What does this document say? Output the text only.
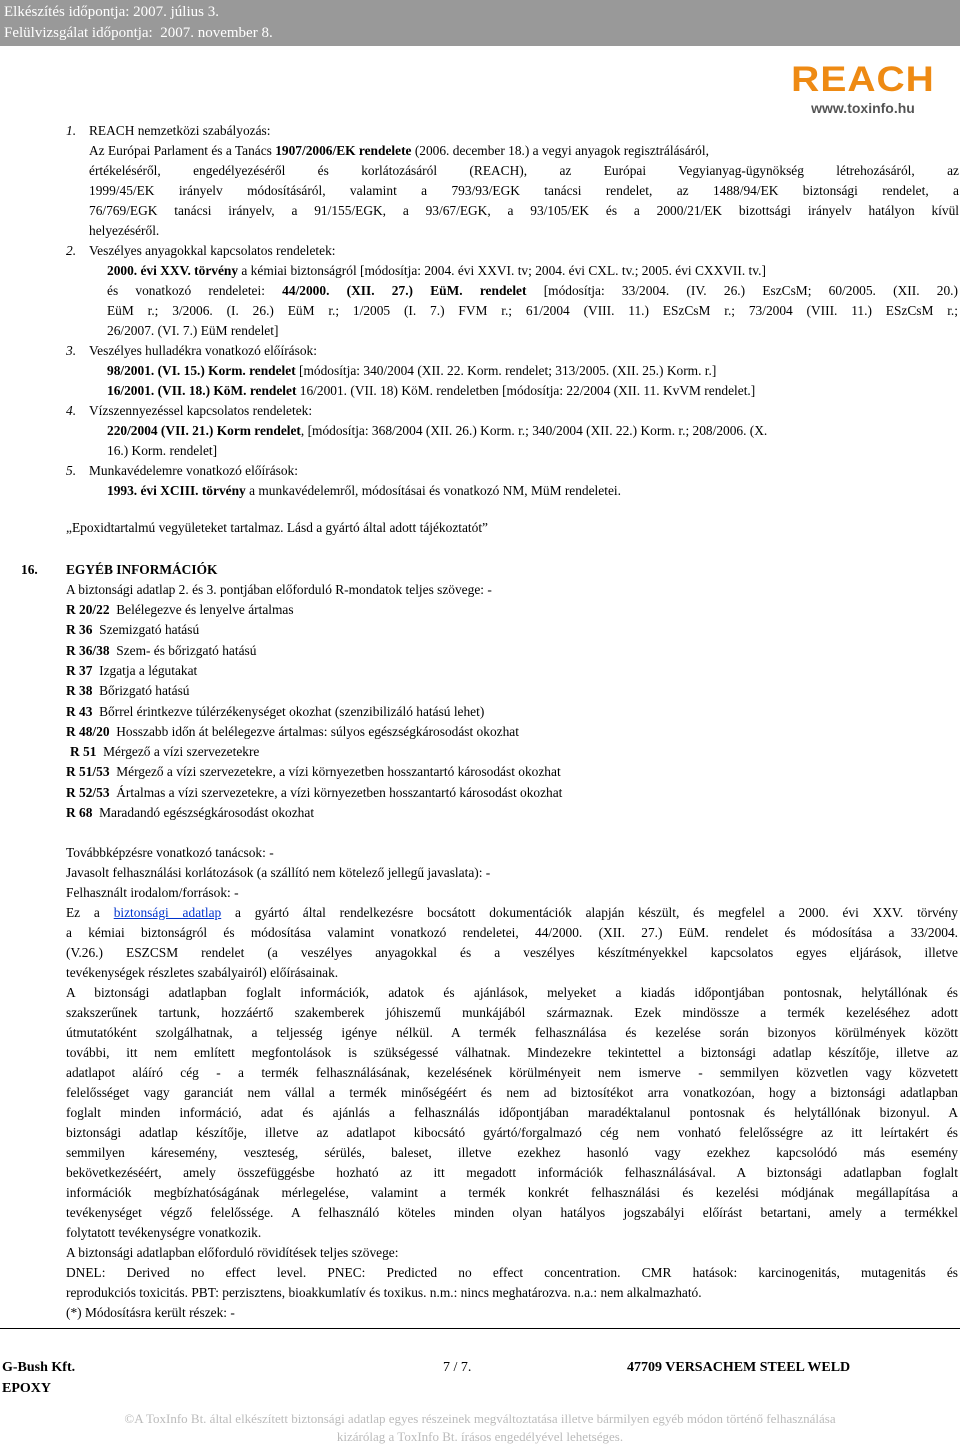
Elkészítés időpontja: 2007. július 3.
Felülvizsgálat időpontja:  2007. november 8.
REACH
www.toxinfo.hu
1. REACH nemzetközi szabályozás:
Az Európai Parlament és a Tanács 1907/2006/EK rendelete (2006. december 18.) a vegyi anyagok regisztrálásáról,
értékeléséről, engedélyezéséről és korlátozásáról (REACH), az Európai Vegyianyag-ügynökség létrehozásáról, az
1999/45/EK irányelv módosításáról, valamint a 793/93/EGK tanácsi rendelet, az 1488/94/EK biztonsági rendelet, a
76/769/EGK tanácsi irányelv, a 91/155/EGK, a 93/67/EGK, a 93/105/EK és a 2000/21/EK bizottsági irányelv hatályon kívül
helyezéséről.
2. Veszélyes anyagokkal kapcsolatos rendeletek:
2000. évi XXV. törvény a kémiai biztonságról [módosítja: 2004. évi XXVI. tv; 2004. évi CXL. tv.; 2005. évi CXXVII. tv.]
és vonatkozó rendeletei: 44/2000. (XII. 27.) EüM. rendelet [módosítja: 33/2004. (IV. 26.) EszCsM; 60/2005. (XII. 20.)
EüM r.; 3/2006. (I. 26.) EüM r.; 1/2005 (I. 7.) FVM r.; 61/2004 (VIII. 11.) ESzCsM r.; 73/2004 (VIII. 11.) ESzCsM r.;
26/2007. (VI. 7.) EüM rendelet]
3. Veszélyes hulladékra vonatkozó előírások:
98/2001. (VI. 15.) Korm. rendelet [módosítja: 340/2004 (XII. 22. Korm. rendelet; 313/2005. (XII. 25.) Korm. r.]
16/2001. (VII. 18.) KöM. rendelet 16/2001. (VII. 18) KöM. rendeletben [módosítja: 22/2004 (XII. 11. KvVM rendelet.]
4. Vízszennyezéssel kapcsolatos rendeletek:
220/2004 (VII. 21.) Korm rendelet, [módosítja: 368/2004 (XII. 26.) Korm. r.; 340/2004 (XII. 22.) Korm. r.; 208/2006. (X.
16.) Korm. rendelet]
5. Munkavédelemre vonatkozó előírások:
1993. évi XCIII. törvény a munkavédelemről, módosításai és vonatkozó NM, MüM rendeletei.
„Epoxidtartalmú vegyületeket tartalmaz. Lásd a gyártó által adott tájékoztatót”
16. EGYÉB INFORMÁCIÓK
A biztonsági adatlap 2. és 3. pontjában előforduló R-mondatok teljes szövege: -
R 20/22 Belélegezve és lenyelve ártalmas
R 36 Szemizgató hatású
R 36/38 Szem- és bőrizgató hatású
R 37 Izgatja a légutakat
R 38 Bőrizgató hatású
R 43 Bőrrel érintkezve túlérzékenységet okozhat (szenzibilizáló hatású lehet)
R 48/20 Hosszabb időn át belélegezve ártalmas: súlyos egészségkárosodást okozhat
R 51 Mérgező a vízi szervezetekre
R 51/53 Mérgező a vízi szervezetekre, a vízi környezetben hosszantartó károsodást okozhat
R 52/53 Ártalmas a vízi szervezetekre, a vízi környezetben hosszantartó károsodást okozhat
R 68 Maradandó egészségkárosodást okozhat
Továbbképzésre vonatkozó tanácsok: -
Javasolt felhasználási korlátozások (a szállító nem kötelező jellegű javaslata): -
Felhasznált irodalom/források: -
Ez a biztonsági adatlap a gyártó által rendelkezésre bocsátott dokumentációk alapján készült, és megfelel a 2000. évi XXV. törvény
a kémiai biztonságról és módosítása valamint vonatkozó rendeletei, 44/2000. (XII. 27.) EüM. rendelet és módosítása a 33/2004.
(V.26.) ESZCSM rendelet (a veszélyes anyagokkal és a veszélyes készítményekkel kapcsolatos egyes eljárások, illetve
tevékenységek részletes szabályairól) előírásainak.
A biztonsági adatlapban foglalt információk, adatok és ajánlások, melyeket a kiadás időpontjában pontosnak, helytállónak és
szakszerűnek tartunk, hozzáértő szakemberek jóhiszemű munkájából származnak. Ezek mindössze a termék kezeléséhez adott
útmutatóként szolgálhatnak, a teljesség igénye nélkül. A termék felhasználása és kezelése során bizonyos körülmények között
további, itt nem említett megfontolások is szükségessé válhatnak. Mindezekre tekintettel a biztonsági adatlap készítője, illetve az
adatlapot aláíró cég - a termék felhasználásának, kezelésének körülményeit nem ismerve - semmilyen közvetlen vagy közvetett
felelősséget vagy garanciát nem vállal a termék minőségéért és nem ad biztosítékot arra vonatkozóan, hogy a biztonsági adatlapban
foglalt minden információ, adat és ajánlás a felhasználás időpontjában maradéktalanul pontosnak és helytállónak bizonyul. A
biztonsági adatlap készítője, illetve az adatlapot kibocsátó gyártó/forgalmazó cég nem vonható felelősségre az itt leírtakért és
semmilyen káresemény, veszteség, sérülés, baleset, illetve ezekhez hasonló vagy ezekhez kapcsolódó más esemény
bekövetkezéséért, amely összefüggésbe hozható az itt megadott információk felhasználásával. A biztonsági adatlapban foglalt
információk megbízhatóságának mérlegelése, valamint a termék konkrét felhasználási és kezelési módjának megállapítása a
tevékenységet végző felelőssége. A felhasználó köteles minden olyan hatályos jogszabályi előírást betartani, amely a termékkel
folytatott tevékenységre vonatkozik.
A biztonsági adatlapban előforduló rövidítések teljes szövege:
DNEL: Derived no effect level. PNEC: Predicted no effect concentration. CMR hatások: karcinogenitás, mutagenitás és
reprodukciós toxicitás. PBT: perzisztens, bioakkumlatív és toxikus. n.m.: nincs meghatározva. n.a.: nem alkalmazható.
(*) Módosításra került részek: -
G-Bush Kft.	7 / 7.	47709 VERSACHEM STEEL WELD
EPOXY
©A ToxInfo Bt. által elkészített biztonsági adatlap egyes részeinek megváltoztatása illetve bármilyen egyéb módon történő felhasználása
kizárólag a ToxInfo Bt. írásos engedélyével lehetséges.
